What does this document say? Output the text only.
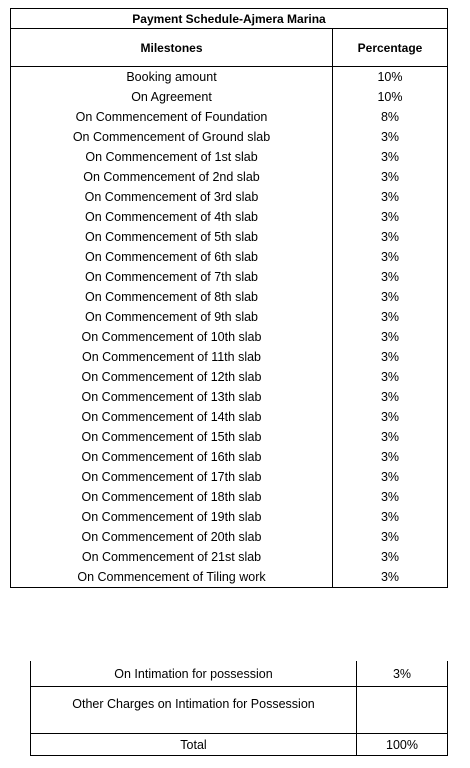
Payment Schedule-Ajmera Marina	
Milestones	Percentage
Booking amount	10%
On Agreement	10%
On Commencement of Foundation	8%
On Commencement of Ground slab	3%
On Commencement of 1st slab	3%
On Commencement of 2nd slab	3%
On Commencement of 3rd slab	3%
On Commencement of 4th slab	3%
On Commencement of 5th slab	3%
On Commencement of 6th slab	3%
On Commencement of 7th slab	3%
On Commencement of 8th slab	3%
On Commencement of 9th slab	3%
On Commencement of 10th slab	3%
On Commencement of 11th slab	3%
On Commencement of 12th slab	3%
On Commencement of 13th slab	3%
On Commencement of 14th slab	3%
On Commencement of 15th slab	3%
On Commencement of 16th slab	3%
On Commencement of 17th slab	3%
On Commencement of 18th slab	3%
On Commencement of 19th slab	3%
On Commencement of 20th slab	3%
On Commencement of 21st slab	3%
On Commencement of Tiling work	3%
On Intimation for possession	3%
Other Charges on Intimation for Possession	
Total	100%
